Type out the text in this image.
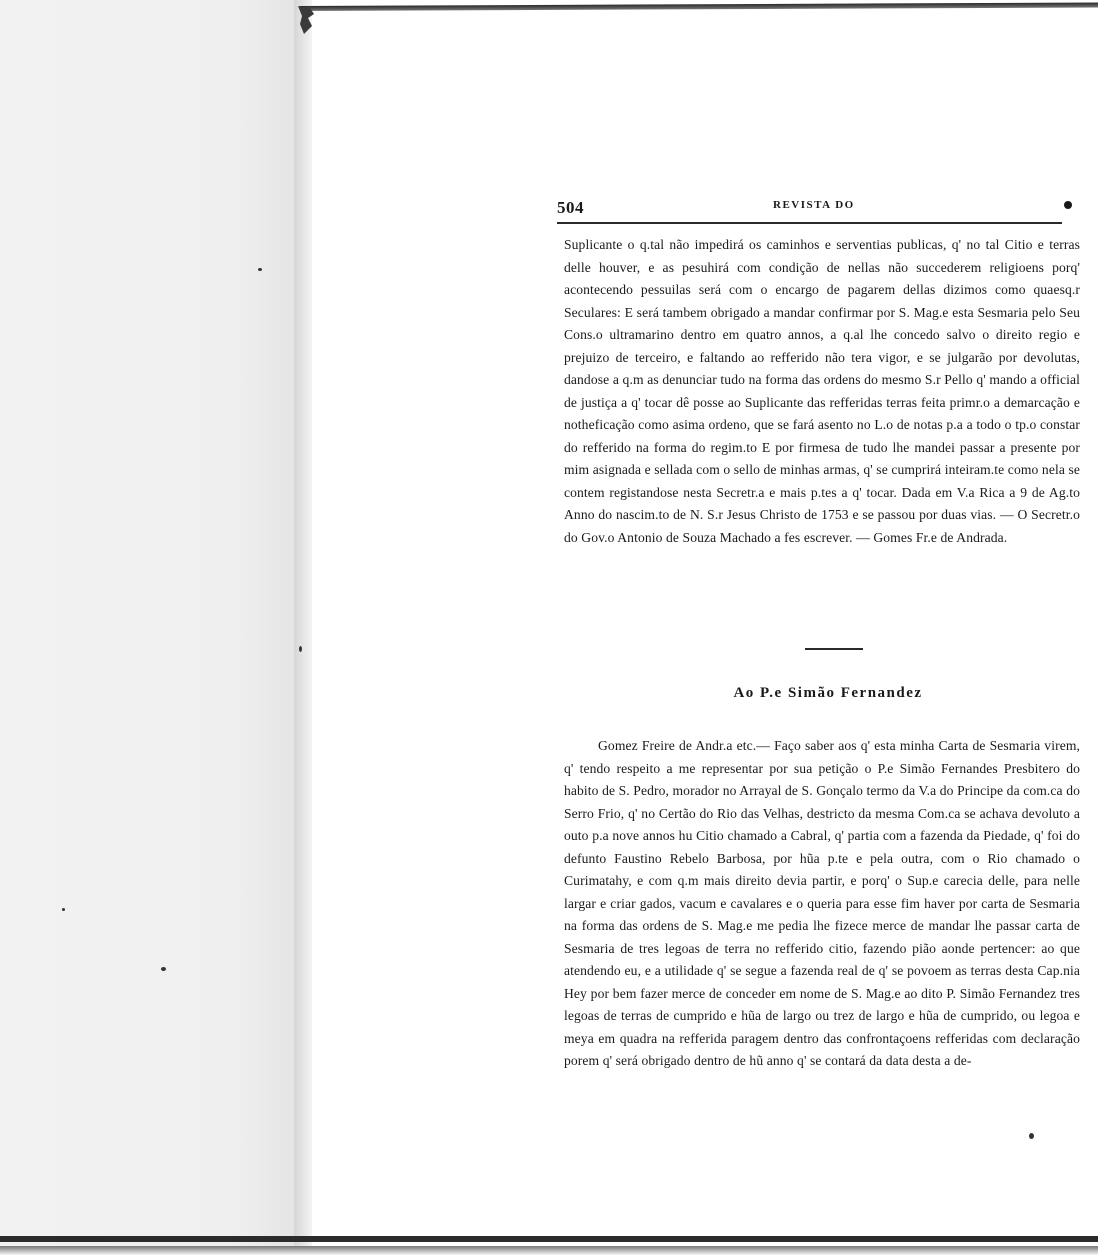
504	REVISTA DO

Suplicante o q.tal não impedirá os caminhos e serventias publicas, q' no tal Citio e terras delle houver, e as pesuhirá com condição de nellas não succederem religioens porq' acontecendo pessuilas será com o encargo de pagarem dellas dizimos como quaesq.r Seculares: E será tambem obrigado a mandar confirmar por S. Mag.e esta Sesmaria pelo Seu Cons.o ultramarino dentro em quatro annos, a q.al lhe concedo salvo o direito regio e prejuizo de terceiro, e faltando ao refferido não tera vigor, e se julgarão por devolutas, dandose a q.m as denunciar tudo na forma das ordens do mesmo S.r Pello q' mando a official de justiça a q' tocar dê posse ao Suplicante das refferidas terras feita primr.o a demarcação e notheficação como asima ordeno, que se fará asento no L.o de notas p.a a todo o tp.o constar do refferido na forma do regim.to E por firmesa de tudo lhe mandei passar a presente por mim asignada e sellada com o sello de minhas armas, q' se cumprirá inteiram.te como nela se contem registandose nesta Secretr.a e mais p.tes a q' tocar. Dada em V.a Rica a 9 de Ag.to Anno do nascim.to de N. S.r Jesus Christo de 1753 e se passou por duas vias. — O Secretr.o do Gov.o Antonio de Souza Machado a fes escrever. — Gomes Fr.e de Andrada.

Ao P.e Simão Fernandez

Gomez Freire de Andr.a etc.— Faço saber aos q' esta minha Carta de Sesmaria virem, q' tendo respeito a me representar por sua petição o P.e Simão Fernandes Presbitero do habito de S. Pedro, morador no Arrayal de S. Gonçalo termo da V.a do Principe da com.ca do Serro Frio, q' no Certão do Rio das Velhas, destricto da mesma Com.ca se achava devoluto a outo p.a nove annos hu Citio chamado a Cabral, q' partia com a fazenda da Piedade, q' foi do defunto Faustino Rebelo Barbosa, por hũa p.te e pela outra, com o Rio chamado o Curimatahy, e com q.m mais direito devia partir, e porq' o Sup.e carecia delle, para nelle largar e criar gados, vacum e cavalares e o queria para esse fim haver por carta de Sesmaria na forma das ordens de S. Mag.e me pedia lhe fizece merce de mandar lhe passar carta de Sesmaria de tres legoas de terra no refferido citio, fazendo pião aonde pertencer: ao que atendendo eu, e a utilidade q' se segue a fazenda real de q' se povoem as terras desta Cap.nia Hey por bem fazer merce de conceder em nome de S. Mag.e ao dito P. Simão Fernandez tres legoas de terras de cumprido e hũa de largo ou trez de largo e hũa de cumprido, ou legoa e meya em quadra na refferida paragem dentro das confrontaçoens refferidas com declaração porem q' será obrigado dentro de hũ anno q' se contará da data desta a de-
